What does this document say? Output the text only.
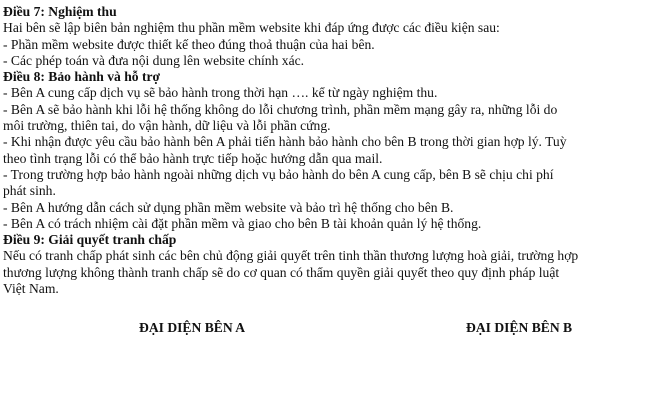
Điều 7: Nghiệm thu

Hai bên sẽ lập biên bản nghiệm thu phần mềm website khi đáp ứng được các điều kiện sau:

- Phần mềm website được thiết kế theo đúng thoả thuận của hai bên.

- Các phép toán và đưa nội dung lên website chính xác.

Điều 8: Bảo hành và hỗ trợ

- Bên A cung cấp dịch vụ sẽ bảo hành trong thời hạn …. kể từ ngày nghiệm thu.

- Bên A sẽ bảo hành khi lỗi hệ thống không do lỗi chương trình, phần mềm mạng gây ra, những lỗi do

môi trường, thiên tai, do vận hành, dữ liệu và lỗi phần cứng.

- Khi nhận được yêu cầu bảo hành bên A phải tiến hành bảo hành cho bên B trong thời gian hợp lý. Tuỳ

theo tình trạng lỗi có thể bảo hành trực tiếp hoặc hướng dẫn qua mail.

- Trong trường hợp bảo hành ngoài những dịch vụ bảo hành do bên A cung cấp, bên B sẽ chịu chi phí

phát sinh.

- Bên A hướng dẫn cách sử dụng phần mềm website và bảo trì hệ thống cho bên B.

- Bên A có trách nhiệm cài đặt phần mềm và giao cho bên B tài khoản quản lý hệ thống.

Điều 9: Giải quyết tranh chấp

Nếu có tranh chấp phát sinh các bên chủ động giải quyết trên tinh thần thương lượng hoà giải, trường hợp

thương lượng không thành tranh chấp sẽ do cơ quan có thẩm quyền giải quyết theo quy định pháp luật

Việt Nam.

ĐẠI DIỆN BÊN A	ĐẠI DIỆN BÊN B
